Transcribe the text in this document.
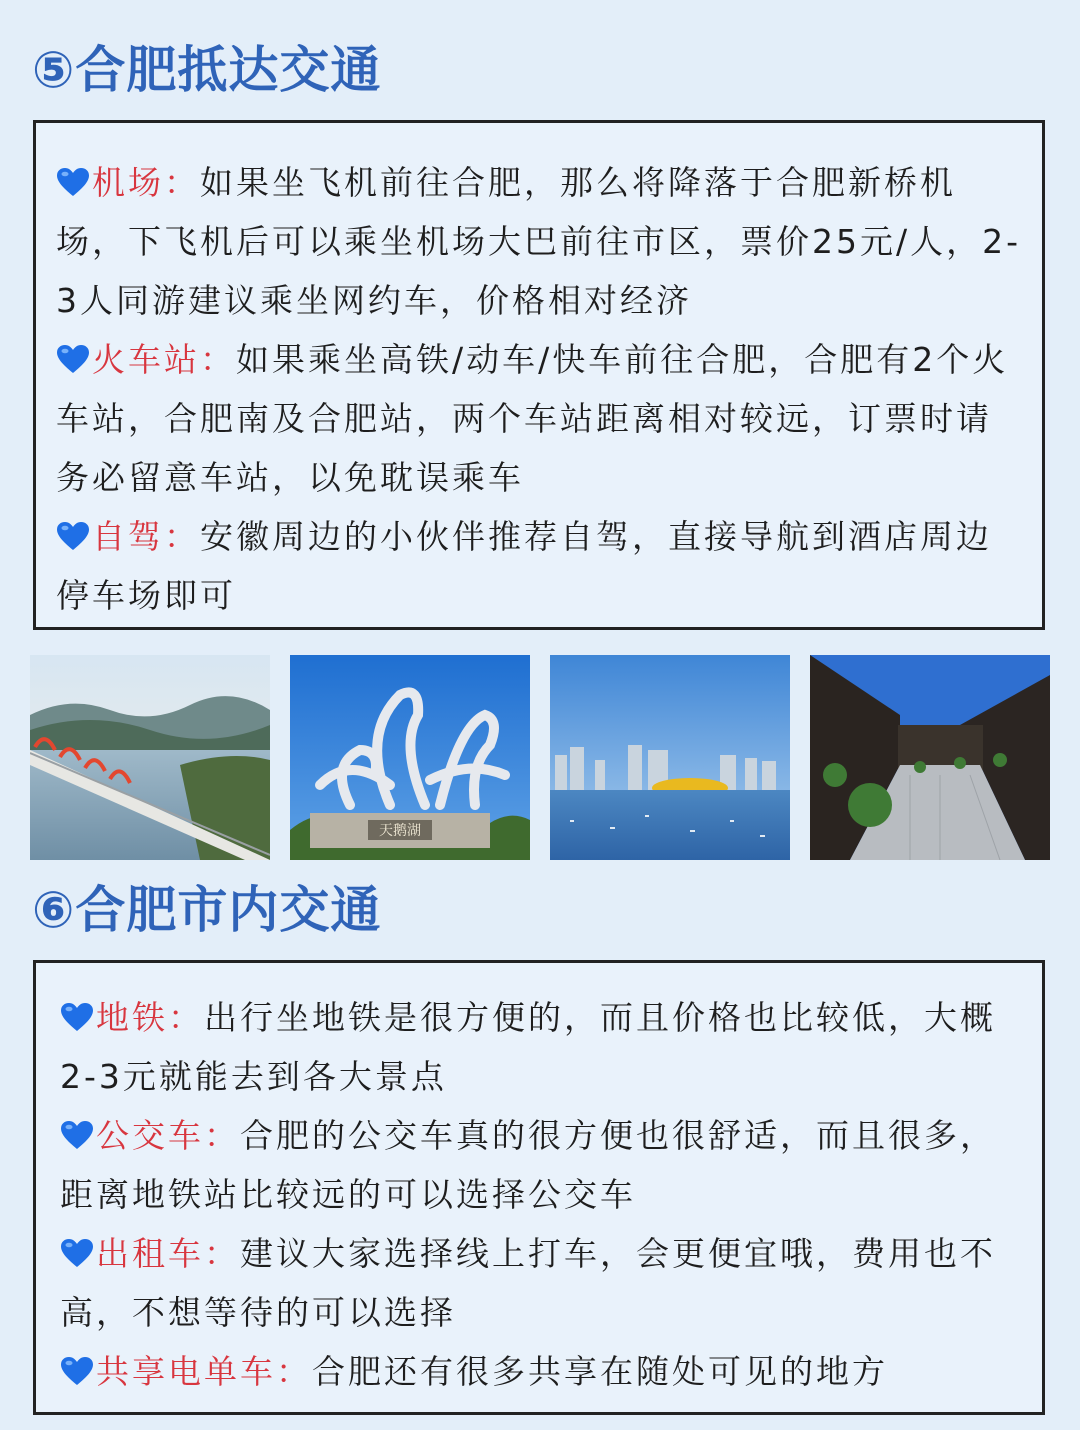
⑤合肥抵达交通

机场：如果坐飞机前往合肥，那么将降落于合肥新桥机场，下飞机后可以乘坐机场大巴前往市区，票价25元/人，2-3人同游建议乘坐网约车，价格相对经济

火车站：如果乘坐高铁/动车/快车前往合肥，合肥有2个火车站，合肥南及合肥站，两个车站距离相对较远，订票时请务必留意车站，以免耽误乘车

自驾：安徽周边的小伙伴推荐自驾，直接导航到酒店周边停车场即可

天鹅湖
⑥合肥市内交通

地铁：出行坐地铁是很方便的，而且价格也比较低，大概2-3元就能去到各大景点

公交车：合肥的公交车真的很方便也很舒适，而且很多，距离地铁站比较远的可以选择公交车

出租车：建议大家选择线上打车，会更便宜哦，费用也不高，不想等待的可以选择

共享电单车：合肥还有很多共享在随处可见的地方
